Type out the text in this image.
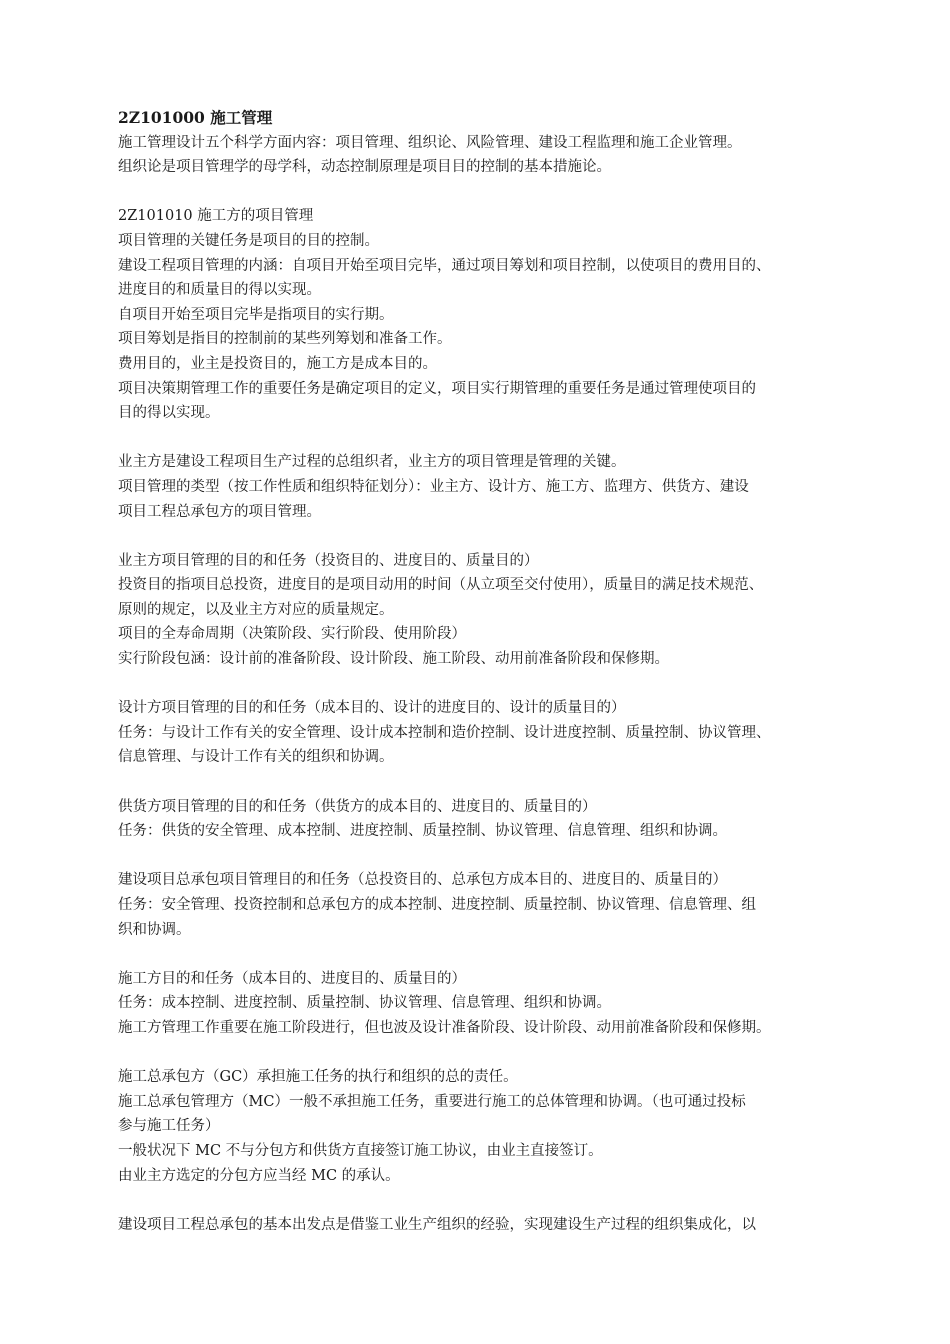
2Z101000 施工管理

施工管理设计五个科学方面内容：项目管理、组织论、风险管理、建设工程监理和施工企业管理。

组织论是项目管理学的母学科，动态控制原理是项目目的控制的基本措施论。

2Z101010 施工方的项目管理

项目管理的关键任务是项目的目的控制。

建设工程项目管理的内涵：自项目开始至项目完毕，通过项目筹划和项目控制，以使项目的费用目的、

进度目的和质量目的得以实现。

自项目开始至项目完毕是指项目的实行期。

项目筹划是指目的控制前的某些列筹划和准备工作。

费用目的，业主是投资目的，施工方是成本目的。

项目决策期管理工作的重要任务是确定项目的定义，项目实行期管理的重要任务是通过管理使项目的

目的得以实现。

业主方是建设工程项目生产过程的总组织者，业主方的项目管理是管理的关键。

项目管理的类型（按工作性质和组织特征划分）：业主方、设计方、施工方、监理方、供货方、建设

项目工程总承包方的项目管理。

业主方项目管理的目的和任务（投资目的、进度目的、质量目的）

投资目的指项目总投资，进度目的是项目动用的时间（从立项至交付使用），质量目的满足技术规范、

原则的规定，以及业主方对应的质量规定。

项目的全寿命周期（决策阶段、实行阶段、使用阶段）

实行阶段包涵：设计前的准备阶段、设计阶段、施工阶段、动用前准备阶段和保修期。

设计方项目管理的目的和任务（成本目的、设计的进度目的、设计的质量目的）

任务：与设计工作有关的安全管理、设计成本控制和造价控制、设计进度控制、质量控制、协议管理、

信息管理、与设计工作有关的组织和协调。

供货方项目管理的目的和任务（供货方的成本目的、进度目的、质量目的）

任务：供货的安全管理、成本控制、进度控制、质量控制、协议管理、信息管理、组织和协调。

建设项目总承包项目管理目的和任务（总投资目的、总承包方成本目的、进度目的、质量目的）

任务：安全管理、投资控制和总承包方的成本控制、进度控制、质量控制、协议管理、信息管理、组

织和协调。

施工方目的和任务（成本目的、进度目的、质量目的）

任务：成本控制、进度控制、质量控制、协议管理、信息管理、组织和协调。

施工方管理工作重要在施工阶段进行，但也波及设计准备阶段、设计阶段、动用前准备阶段和保修期。

施工总承包方（GC）承担施工任务的执行和组织的总的责任。

施工总承包管理方（MC）一般不承担施工任务，重要进行施工的总体管理和协调。（也可通过投标

参与施工任务）

一般状况下 MC 不与分包方和供货方直接签订施工协议，由业主直接签订。

由业主方选定的分包方应当经 MC 的承认。

建设项目工程总承包的基本出发点是借鉴工业生产组织的经验，实现建设生产过程的组织集成化，以
